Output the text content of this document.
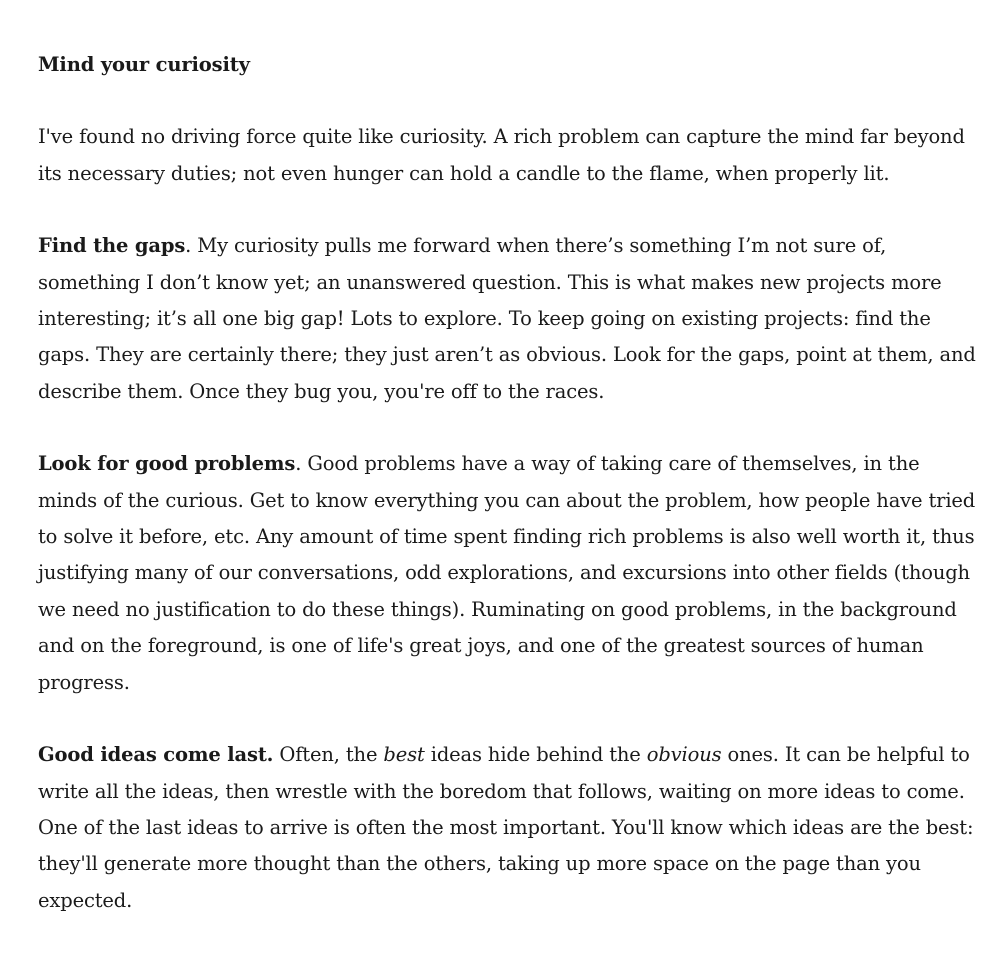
Mind your curiosity

I've found no driving force quite like curiosity. A rich problem can capture the mind far beyond its necessary duties; not even hunger can hold a candle to the flame, when properly lit.

Find the gaps. My curiosity pulls me forward when there’s something I’m not sure of, something I don’t know yet; an unanswered question. This is what makes new projects more interesting; it’s all one big gap! Lots to explore. To keep going on existing projects: find the gaps. They are certainly there; they just aren’t as obvious. Look for the gaps, point at them, and describe them. Once they bug you, you're off to the races.

Look for good problems. Good problems have a way of taking care of themselves, in the minds of the curious. Get to know everything you can about the problem, how people have tried to solve it before, etc. Any amount of time spent finding rich problems is also well worth it, thus justifying many of our conversations, odd explorations, and excursions into other fields (though we need no justification to do these things). Ruminating on good problems, in the background and on the foreground, is one of life's great joys, and one of the greatest sources of human progress.

Good ideas come last. Often, the best ideas hide behind the obvious ones. It can be helpful to write all the ideas, then wrestle with the boredom that follows, waiting on more ideas to come. One of the last ideas to arrive is often the most important. You'll know which ideas are the best: they'll generate more thought than the others, taking up more space on the page than you expected.
